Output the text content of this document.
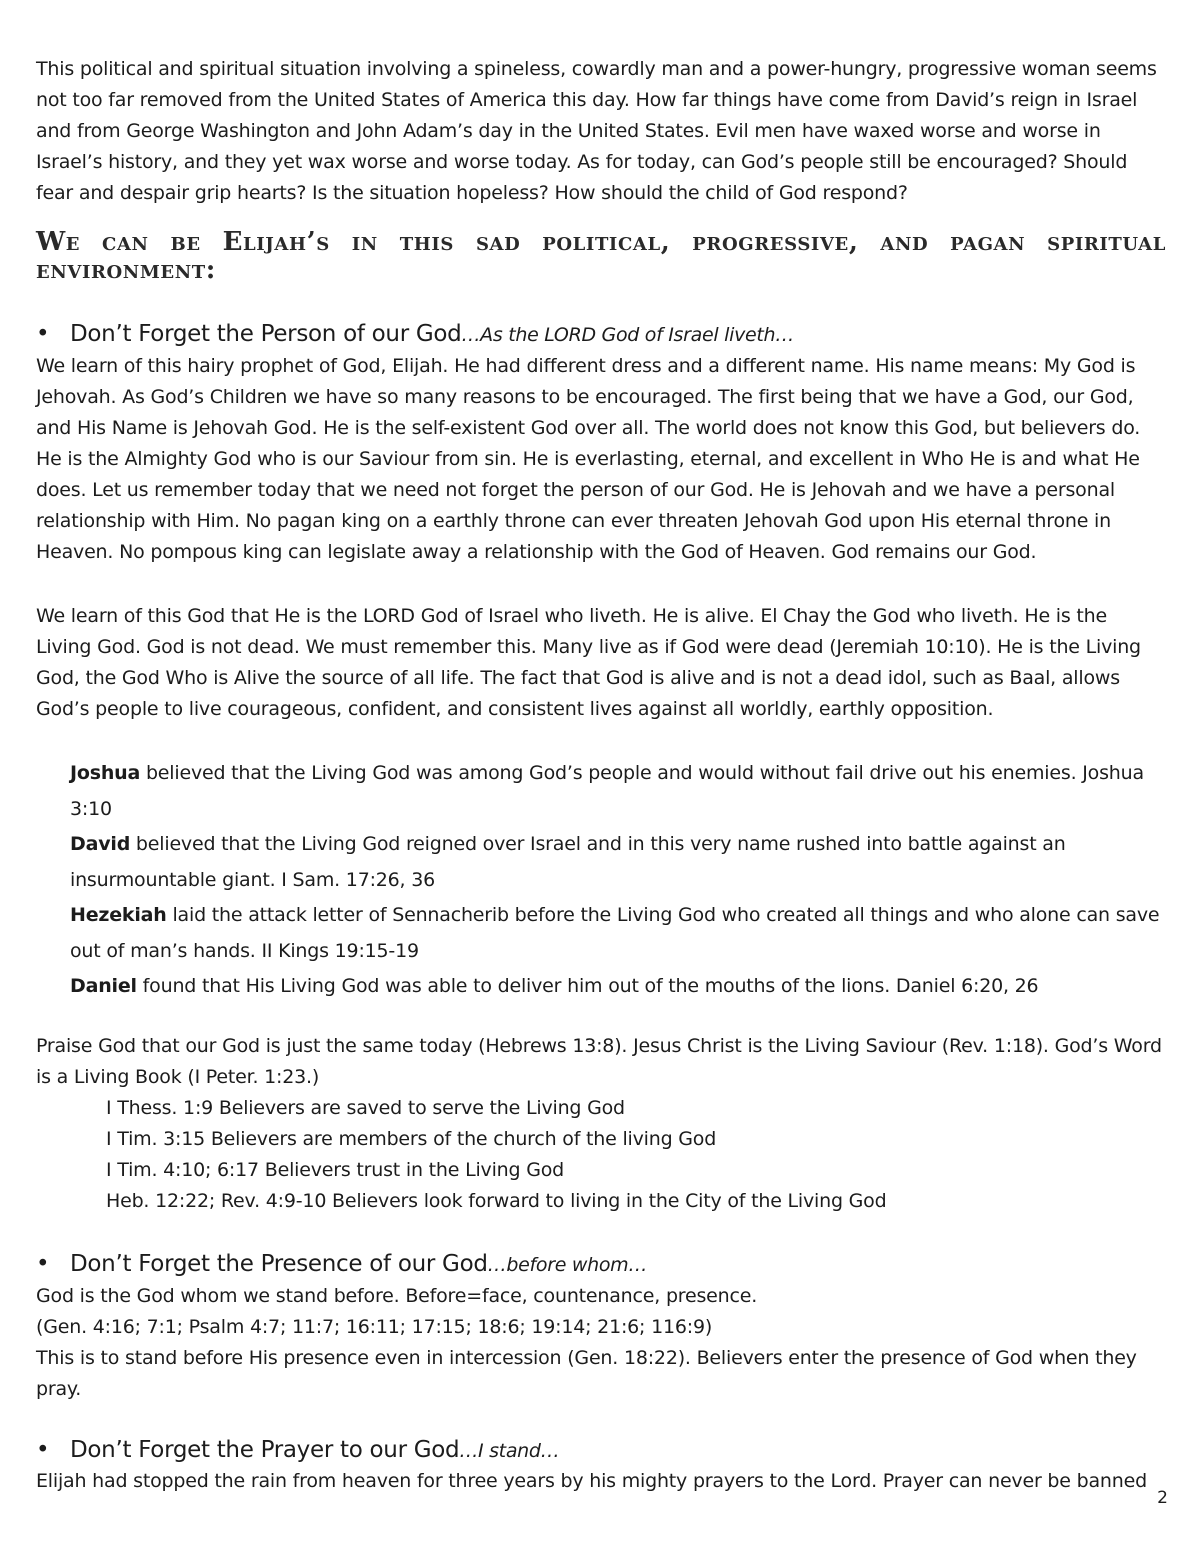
This political and spiritual situation involving a spineless, cowardly man and a power-hungry, progressive woman seems not too far removed from the United States of America this day. How far things have come from David’s reign in Israel and from George Washington and John Adam’s day in the United States. Evil men have waxed worse and worse in Israel’s history, and they yet wax worse and worse today. As for today, can God’s people still be encouraged? Should fear and despair grip hearts? Is the situation hopeless? How should the child of God respond?

We can be Elijah’s in this sad political, progressive, and pagan spiritual environment:
• Don’t Forget the Person of our God…As the LORD God of Israel liveth…

We learn of this hairy prophet of God, Elijah. He had different dress and a different name. His name means: My God is Jehovah. As God’s Children we have so many reasons to be encouraged. The first being that we have a God, our God, and His Name is Jehovah God. He is the self-existent God over all. The world does not know this God, but believers do. He is the Almighty God who is our Saviour from sin. He is everlasting, eternal, and excellent in Who He is and what He does. Let us remember today that we need not forget the person of our God. He is Jehovah and we have a personal relationship with Him. No pagan king on a earthly throne can ever threaten Jehovah God upon His eternal throne in Heaven. No pompous king can legislate away a relationship with the God of Heaven. God remains our God.

We learn of this God that He is the LORD God of Israel who liveth. He is alive. El Chay the God who liveth. He is the Living God. God is not dead. We must remember this. Many live as if God were dead (Jeremiah 10:10). He is the Living God, the God Who is Alive the source of all life. The fact that God is alive and is not a dead idol, such as Baal, allows God’s people to live courageous, confident, and consistent lives against all worldly, earthly opposition.

Joshua believed that the Living God was among God’s people and would without fail drive out his enemies. Joshua 3:10
David believed that the Living God reigned over Israel and in this very name rushed into battle against an insurmountable giant. I Sam. 17:26, 36
Hezekiah laid the attack letter of Sennacherib before the Living God who created all things and who alone can save out of man’s hands. II Kings 19:15-19
Daniel found that His Living God was able to deliver him out of the mouths of the lions. Daniel 6:20, 26

Praise God that our God is just the same today (Hebrews 13:8). Jesus Christ is the Living Saviour (Rev. 1:18). God’s Word is a Living Book (I Peter. 1:23.)

I Thess. 1:9 Believers are saved to serve the Living God
I Tim. 3:15 Believers are members of the church of the living God
I Tim. 4:10; 6:17 Believers trust in the Living God
Heb. 12:22; Rev. 4:9-10 Believers look forward to living in the City of the Living God
• Don’t Forget the Presence of our God…before whom…

God is the God whom we stand before. Before=face, countenance, presence.

(Gen. 4:16; 7:1; Psalm 4:7; 11:7; 16:11; 17:15; 18:6; 19:14; 21:6; 116:9)

This is to stand before His presence even in intercession (Gen. 18:22). Believers enter the presence of God when they pray.

• Don’t Forget the Prayer to our God…I stand…

Elijah had stopped the rain from heaven for three years by his mighty prayers to the Lord. Prayer can never be banned

2
